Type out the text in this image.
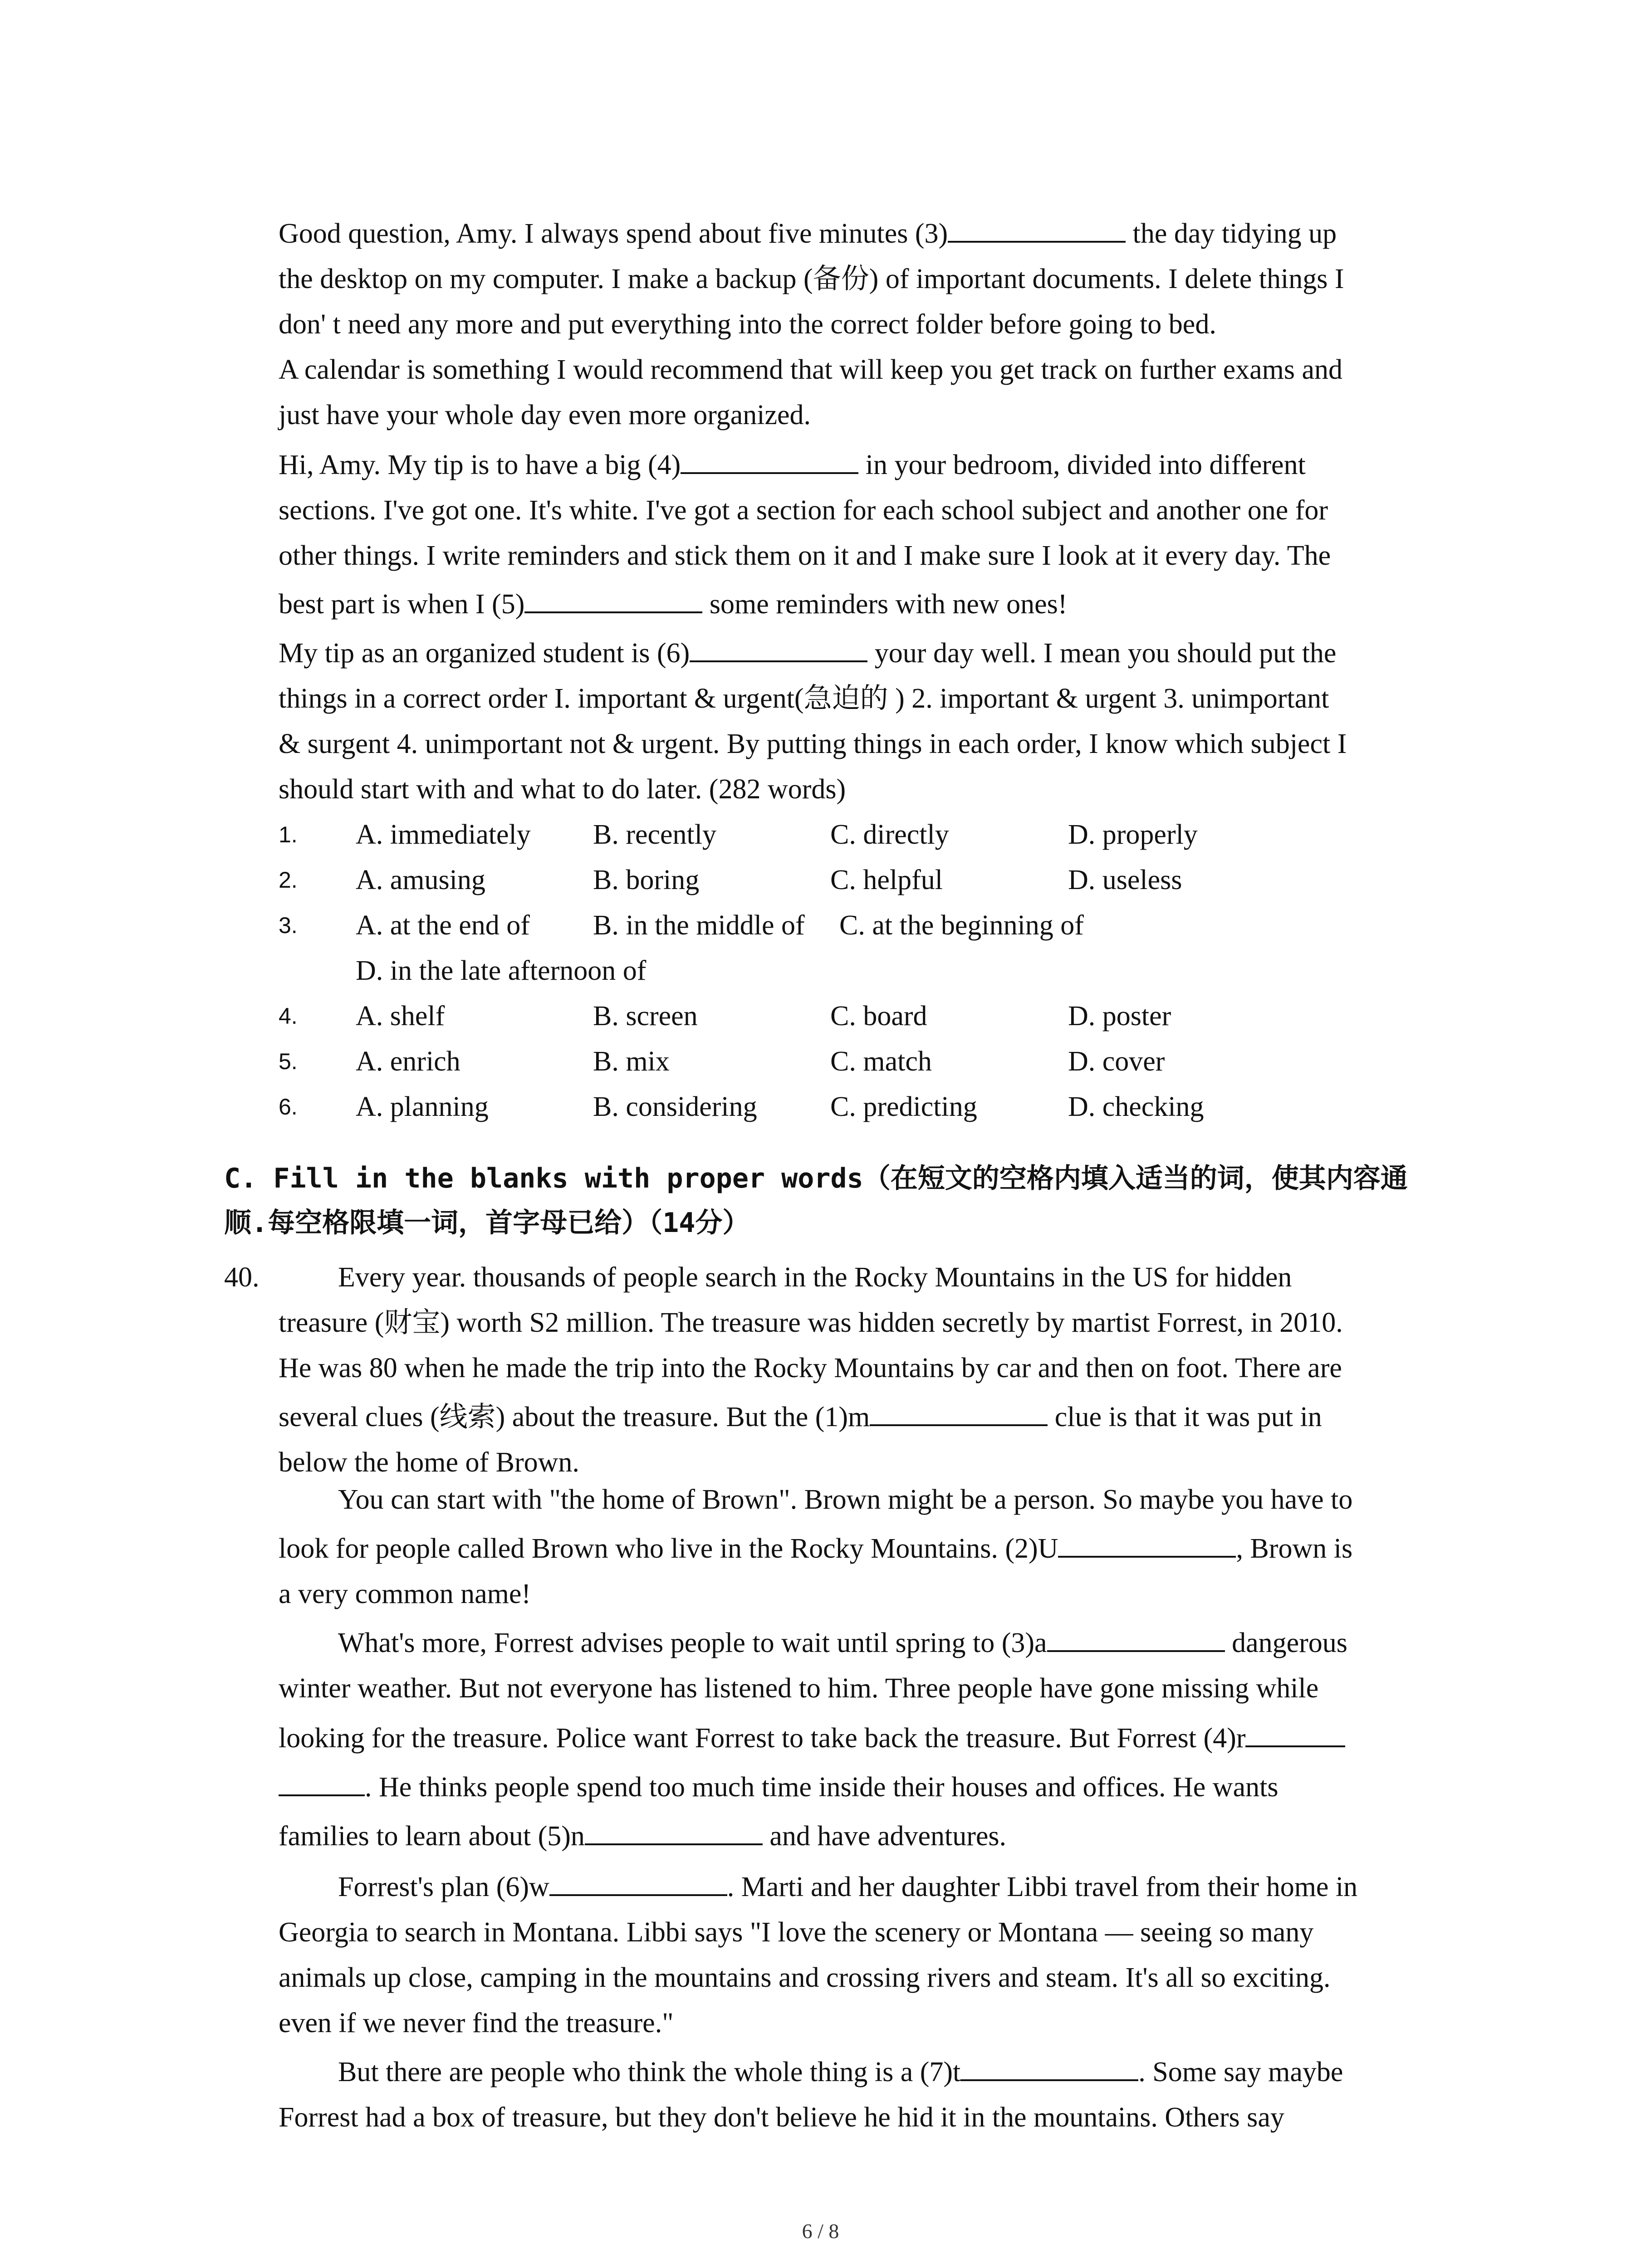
Good question, Amy. I always spend about five minutes (3)	the day tidying up
the desktop on my computer. I make a backup (备份) of important documents. I delete things I
don' t need any more and put everything into the correct folder before going to bed.
A calendar is something I would recommend that will keep you get track on further exams and
just have your whole day even more organized.
Hi, Amy. My tip is to have a big (4)	in your bedroom, divided into different
sections. I've got one. It's white. I've got a section for each school subject and another one for
other things. I write reminders and stick them on it and I make sure I look at it every day. The
best part is when I (5)	some reminders with new ones!
My tip as an organized student is (6)	your day well. I mean you should put the
things in a correct order I. important & urgent(急迫的 ) 2. important & urgent 3. unimportant
& surgent 4. unimportant not & urgent. By putting things in each order, I know which subject I
should start with and what to do later. (282 words)
1. A. immediately B. recently	C. directly	D. properly
2. A. amusing	B. boring	C. helpful	D. useless
3. A. at the end of B. in the middle of C. at the beginning of
D. in the late afternoon of
4. A. shelf	B. screen	C. board	D. poster
5. A. enrich	B. mix	C. match	D. cover
6. A. planning	B. considering	C. predicting	D. checking
C. Fill in the blanks with proper words（在短文的空格内填入适当的词，使其内容通
顺.每空格限填一词，首字母已给）（14分）
40.	Every year. thousands of people search in the Rocky Mountains in the US for hidden
treasure (财宝) worth S2 million. The treasure was hidden secretly by martist Forrest, in 2010.
He was 80 when he made the trip into the Rocky Mountains by car and then on foot. There are
several clues (线索) about the treasure. But the (1)m	clue is that it was put in
below the home of Brown.
You can start with "the home of Brown". Brown might be a person. So maybe you have to
look for people called Brown who live in the Rocky Mountains. (2)U	, Brown is
a very common name!
What's more, Forrest advises people to wait until spring to (3)a	dangerous
winter weather. But not everyone has listened to him. Three people have gone missing while
looking for the treasure. Police want Forrest to take back the treasure. But Forrest (4)r
. He thinks people spend too much time inside their houses and offices. He wants
families to learn about (5)n	and have adventures.
Forrest's plan (6)w	. Marti and her daughter Libbi travel from their home in
Georgia to search in Montana. Libbi says "I love the scenery or Montana — seeing so many
animals up close, camping in the mountains and crossing rivers and steam. It's all so exciting.
even if we never find the treasure."
But there are people who think the whole thing is a (7)t	. Some say maybe
Forrest had a box of treasure, but they don't believe he hid it in the mountains. Others say
6 / 8
